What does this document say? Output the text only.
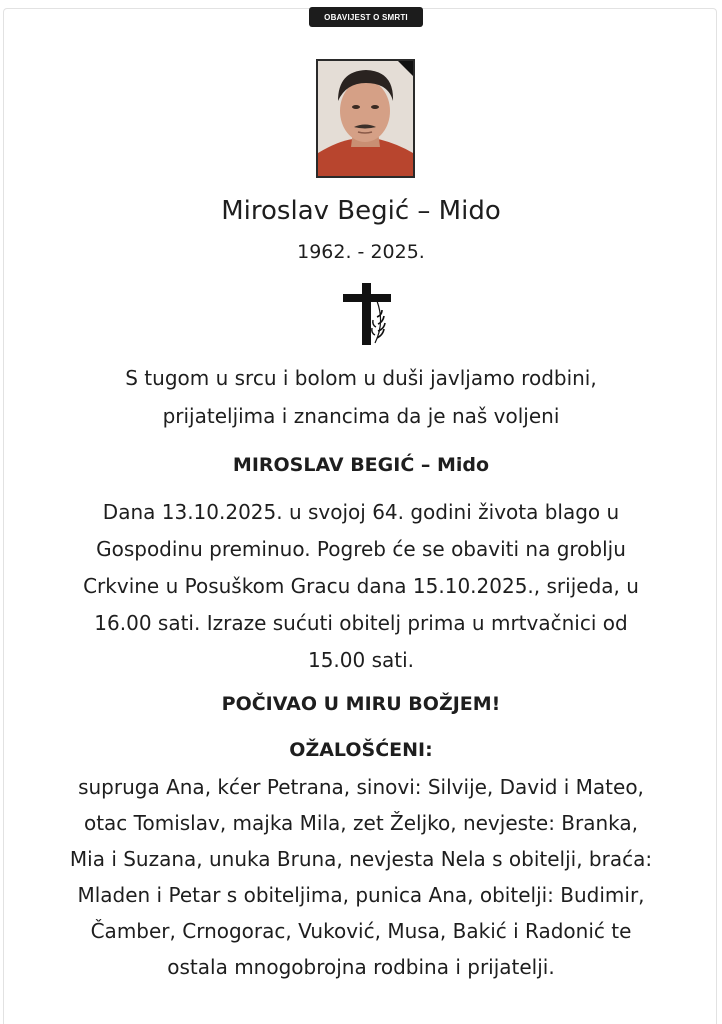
OBAVIJEST O SMRTI
Miroslav Begić – Mido
1962. - 2025.
S tugom u srcu i bolom u duši javljamo rodbini,
prijateljima i znancima da je naš voljeni
MIROSLAV BEGIĆ – Mido
Dana 13.10.2025. u svojoj 64. godini života blago u
Gospodinu preminuo. Pogreb će se obaviti na groblju
Crkvine u Posuškom Gracu dana 15.10.2025., srijeda, u
16.00 sati. Izraze sućuti obitelj prima u mrtvačnici od
15.00 sati.
POČIVAO U MIRU BOŽJEM!
OŽALOŠĆENI:
supruga Ana, kćer Petrana, sinovi: Silvije, David i Mateo,
otac Tomislav, majka Mila, zet Željko, nevjeste: Branka,
Mia i Suzana, unuka Bruna, nevjesta Nela s obitelji, braća:
Mladen i Petar s obiteljima, punica Ana, obitelji: Budimir,
Čamber, Crnogorac, Vuković, Musa, Bakić i Radonić te
ostala mnogobrojna rodbina i prijatelji.
